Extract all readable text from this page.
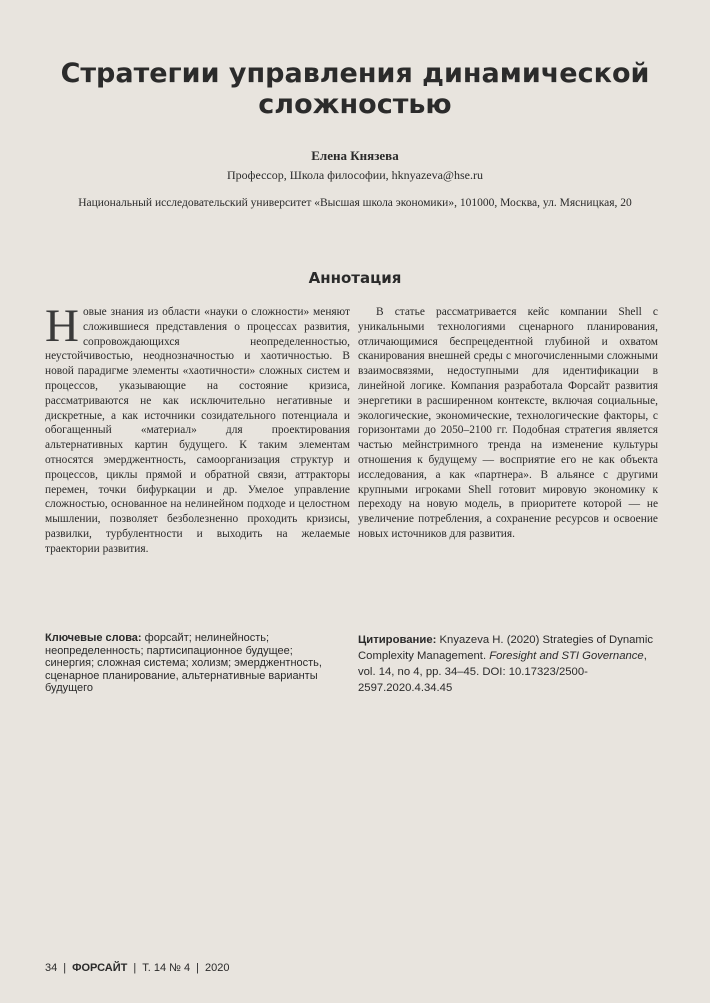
Стратегии управления динамической
сложностью
Елена Князева
Профессор, Школа философии, hknyazeva@hse.ru
Национальный исследовательский университет «Высшая школа экономики», 101000, Москва, ул. Мясницкая, 20
Аннотация

Новые знания из области «науки о сложности» меняют сложившиеся представления о процессах развития, сопровождающихся неопределенностью, неустойчивостью, неоднозначностью и хаотичностью. В новой парадигме элементы «хаотичности» сложных систем и процессов, указывающие на состояние кризиса, рассматриваются не как исключительно негативные и дискретные, а как источники созидательного потенциала и обогащенный «материал» для проектирования альтернативных картин будущего. К таким элементам относятся эмерджентность, самоорганизация структур и процессов, циклы прямой и обратной связи, аттракторы перемен, точки бифуркации и др. Умелое управление сложностью, основанное на нелинейном подходе и целостном мышлении, позволяет безболезненно проходить кризисы, развилки, турбулентности и выходить на желаемые траектории развития.

В статье рассматривается кейс компании Shell с уникальными технологиями сценарного планирования, отличающимися беспрецедентной глубиной и охватом сканирования внешней среды с многочисленными сложными взаимосвязями, недоступными для идентификации в линейной логике. Компания разработала Форсайт развития энергетики в расширенном контексте, включая социальные, экологические, экономические, технологические факторы, с горизонтами до 2050–2100 гг. Подобная стратегия является частью мейнстримного тренда на изменение культуры отношения к будущему — восприятие его не как объекта исследования, а как «партнера». В альянсе с другими крупными игроками Shell готовит мировую экономику к переходу на новую модель, в приоритете которой — не увеличение потребления, а сохранение ресурсов и освоение новых источников для развития.

Ключевые слова: форсайт; нелинейность; неопределенность; партисипационное будущее; синергия; сложная система; холизм; эмерджентность, сценарное планирование, альтернативные варианты будущего
Цитирование: Knyazeva H. (2020) Strategies of Dynamic Complexity Management. Foresight and STI Governance, vol. 14, no 4, pp. 34–45. DOI: 10.17323/2500-2597.2020.4.34.45
34 | ФОРСАЙТ | Т. 14 № 4 | 2020
